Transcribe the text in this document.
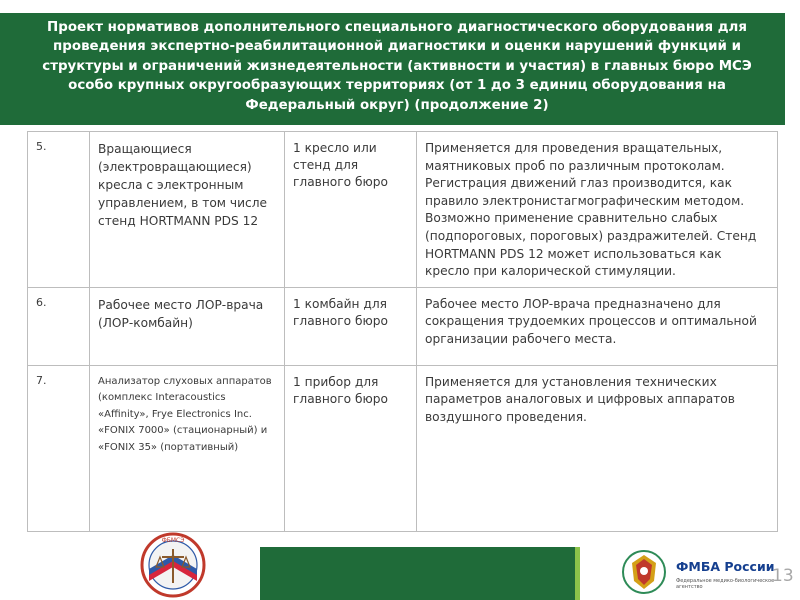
Проект нормативов дополнительного специального диагностического оборудования для проведения экспертно-реабилитационной диагностики и оценки нарушений функций и структуры и ограничений жизнедеятельности (активности и участия) в главных бюро МСЭ особо крупных округообразующих территориях (от 1 до 3 единиц оборудования на Федеральный округ) (продолжение 2)
5.	Вращающиеся (электровращающиеся) кресла с электронным управлением, в том числе стенд HORTMANN PDS 12	1 кресло или стенд для главного бюро	Применяется для проведения вращательных, маятниковых проб по различным протоколам. Регистрация движений глаз производится, как правило электронистагмографическим методом. Возможно применение сравнительно слабых (подпороговых, пороговых) раздражителей. Стенд HORTMANN PDS 12 может использоваться как кресло при калорической стимуляции.
6.	Рабочее место ЛОР-врача (ЛОР-комбайн)	1 комбайн для главного бюро	Рабочее место ЛОР-врача предназначено для сокращения трудоемких процессов и оптимальной организации рабочего места.
7.	Анализатор слуховых аппаратов (комплекс Interacoustics «Affinity», Frye Electronics Inc. «FONIX 7000» (стационарный) и «FONIX 35» (портативный)	1 прибор для главного бюро	Применяется для установления технических параметров аналоговых и цифровых аппаратов воздушного проведения.
ФБМСЭ
ФМБА России
Федеральное медико-биологическое агентство
13
